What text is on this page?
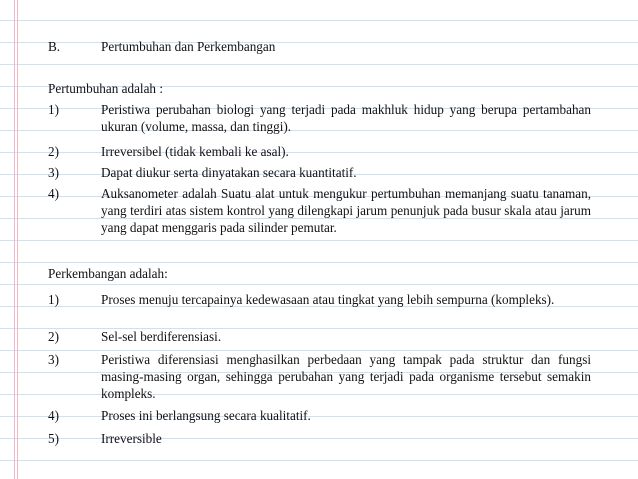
B.	Pertumbuhan dan Perkembangan
Pertumbuhan adalah :
1)	Peristiwa perubahan biologi yang terjadi pada makhluk hidup yang berupa pertambahan ukuran (volume, massa, dan tinggi).
2)	Irreversibel (tidak kembali ke asal).
3)	Dapat diukur serta dinyatakan secara kuantitatif.
4)	Auksanometer adalah Suatu alat untuk mengukur pertumbuhan memanjang suatu tanaman, yang terdiri atas sistem kontrol yang dilengkapi jarum penunjuk pada busur skala atau jarum yang dapat menggaris pada silinder pemutar.
Perkembangan adalah:
1)	Proses menuju tercapainya kedewasaan atau tingkat yang lebih sempurna (kompleks).
2)	Sel-sel berdiferensiasi.
3)	Peristiwa diferensiasi menghasilkan perbedaan yang tampak pada struktur dan fungsi masing-masing organ, sehingga perubahan yang terjadi pada organisme tersebut semakin kompleks.
4)	Proses ini berlangsung secara kualitatif.
5)	Irreversible
